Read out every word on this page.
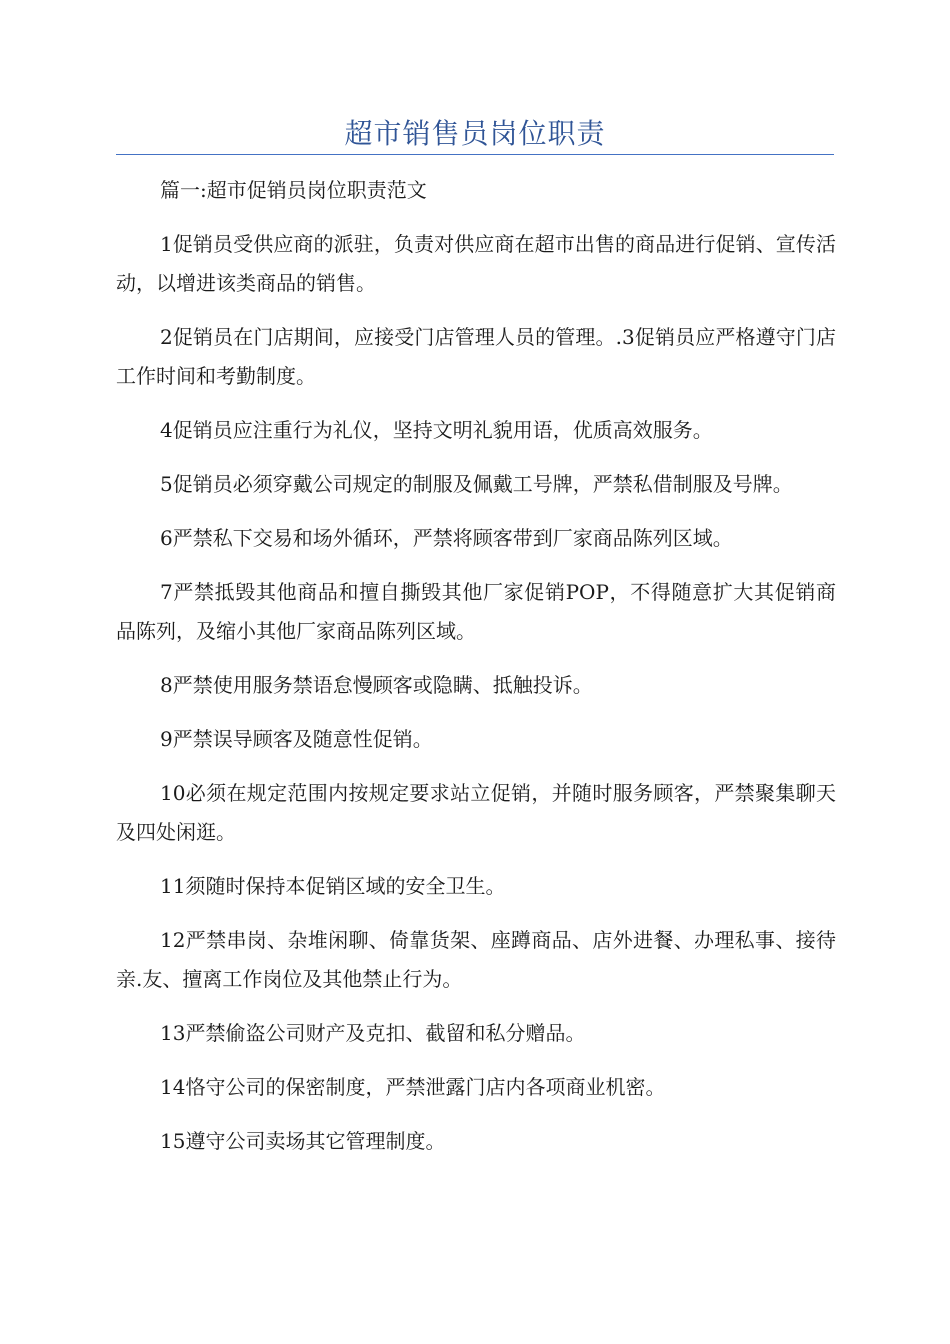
超市销售员岗位职责

篇一:超市促销员岗位职责范文

1促销员受供应商的派驻，负责对供应商在超市出售的商品进行促销、宣传活动，以增进该类商品的销售。

2促销员在门店期间，应接受门店管理人员的管理。.3促销员应严格遵守门店工作时间和考勤制度。

4促销员应注重行为礼仪，坚持文明礼貌用语，优质高效服务。

5促销员必须穿戴公司规定的制服及佩戴工号牌，严禁私借制服及号牌。

6严禁私下交易和场外循环，严禁将顾客带到厂家商品陈列区域。

7严禁抵毁其他商品和擅自撕毁其他厂家促销POP，不得随意扩大其促销商品陈列，及缩小其他厂家商品陈列区域。

8严禁使用服务禁语怠慢顾客或隐瞒、抵触投诉。

9严禁误导顾客及随意性促销。

10必须在规定范围内按规定要求站立促销，并随时服务顾客，严禁聚集聊天及四处闲逛。

11须随时保持本促销区域的安全卫生。

12严禁串岗、杂堆闲聊、倚靠货架、座蹲商品、店外进餐、办理私事、接待亲.友、擅离工作岗位及其他禁止行为。

13严禁偷盗公司财产及克扣、截留和私分赠品。

14恪守公司的保密制度，严禁泄露门店内各项商业机密。

15遵守公司卖场其它管理制度。
